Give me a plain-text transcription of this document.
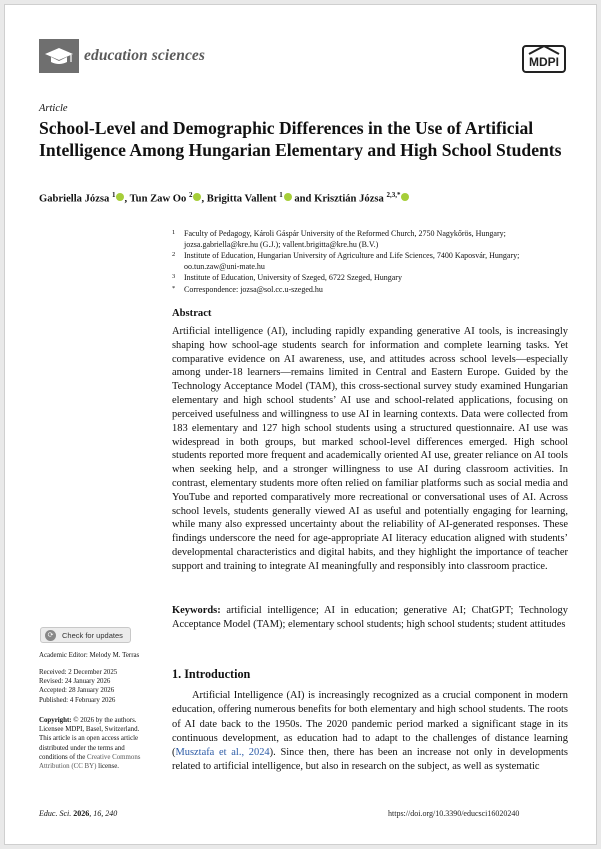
education sciences	MDPI
Article
School-Level and Demographic Differences in the Use of Artificial Intelligence Among Hungarian Elementary and High School Students
Gabriella Józsa $^1$ , Tun Zaw Oo $^2$ , Brigitta Vallent $^1$ and Krisztián Józsa $^{2,3,*}$
1 Faculty of Pedagogy, Károli Gáspár University of the Reformed Church, 2750 Nagykőrös, Hungary;
jozsa.gabriella@kre.hu (G.J.); vallent.brigitta@kre.hu (B.V.)
2 Institute of Education, Hungarian University of Agriculture and Life Sciences, 7400 Kaposvár, Hungary;
oo.tun.zaw@uni-mate.hu
3 Institute of Education, University of Szeged, 6722 Szeged, Hungary
* Correspondence: jozsa@sol.cc.u-szeged.hu
Abstract
Artificial intelligence (AI), including rapidly expanding generative AI tools, is increasingly shaping how school-age students search for information and complete learning tasks. Yet comparative evidence on AI awareness, use, and attitudes across school levels—especially among under-18 learners—remains limited in Central and Eastern Europe. Guided by the Technology Acceptance Model (TAM), this cross-sectional survey study examined Hungarian elementary and high school students’ AI use and school-related applications, focusing on perceived usefulness and willingness to use AI in learning contexts. Data were collected from 183 elementary and 127 high school students using a structured questionnaire. AI use was widespread in both groups, but marked school-level differences emerged. High school students reported more frequent and academically oriented AI use, greater reliance on AI tools when seeking help, and a stronger willingness to use AI during classroom activities. In contrast, elementary students more often relied on familiar platforms such as social media and YouTube and reported comparatively more recreational or conversational uses of AI. Across school levels, students generally viewed AI as useful and potentially engaging for learning, while many also expressed uncertainty about the reliability of AI-generated responses. These findings underscore the need for age-appropriate AI literacy education aligned with students’ developmental characteristics and digital habits, and they highlight the importance of teacher support and training to integrate AI meaningfully and responsibly into classroom practice.
Keywords: artificial intelligence; AI in education; generative AI; ChatGPT; Technology Acceptance Model (TAM); elementary school students; high school students; student attitudes
⟳	Check for updates
Academic Editor: Melody M. Terras
Received: 2 December 2025
Revised: 24 January 2026
Accepted: 28 January 2026
Published: 4 February 2026
Copyright: © 2026 by the authors. Licensee MDPI, Basel, Switzerland. This article is an open access article distributed under the terms and conditions of the Creative Commons Attribution (CC BY) license.
1. Introduction
Artificial Intelligence (AI) is increasingly recognized as a crucial component in modern education, offering numerous benefits for both elementary and high school students. The roots of AI date back to the 1950s. The 2020 pandemic period marked a significant stage in its continuous development, as education had to adapt to the challenges of distance learning (Musztafa et al., 2024). Since then, there has been an increase not only in developments related to artificial intelligence, but also in research on the subject, as well as systematic
Educ. Sci. 2026, 16, 240	https://doi.org/10.3390/educsci16020240
